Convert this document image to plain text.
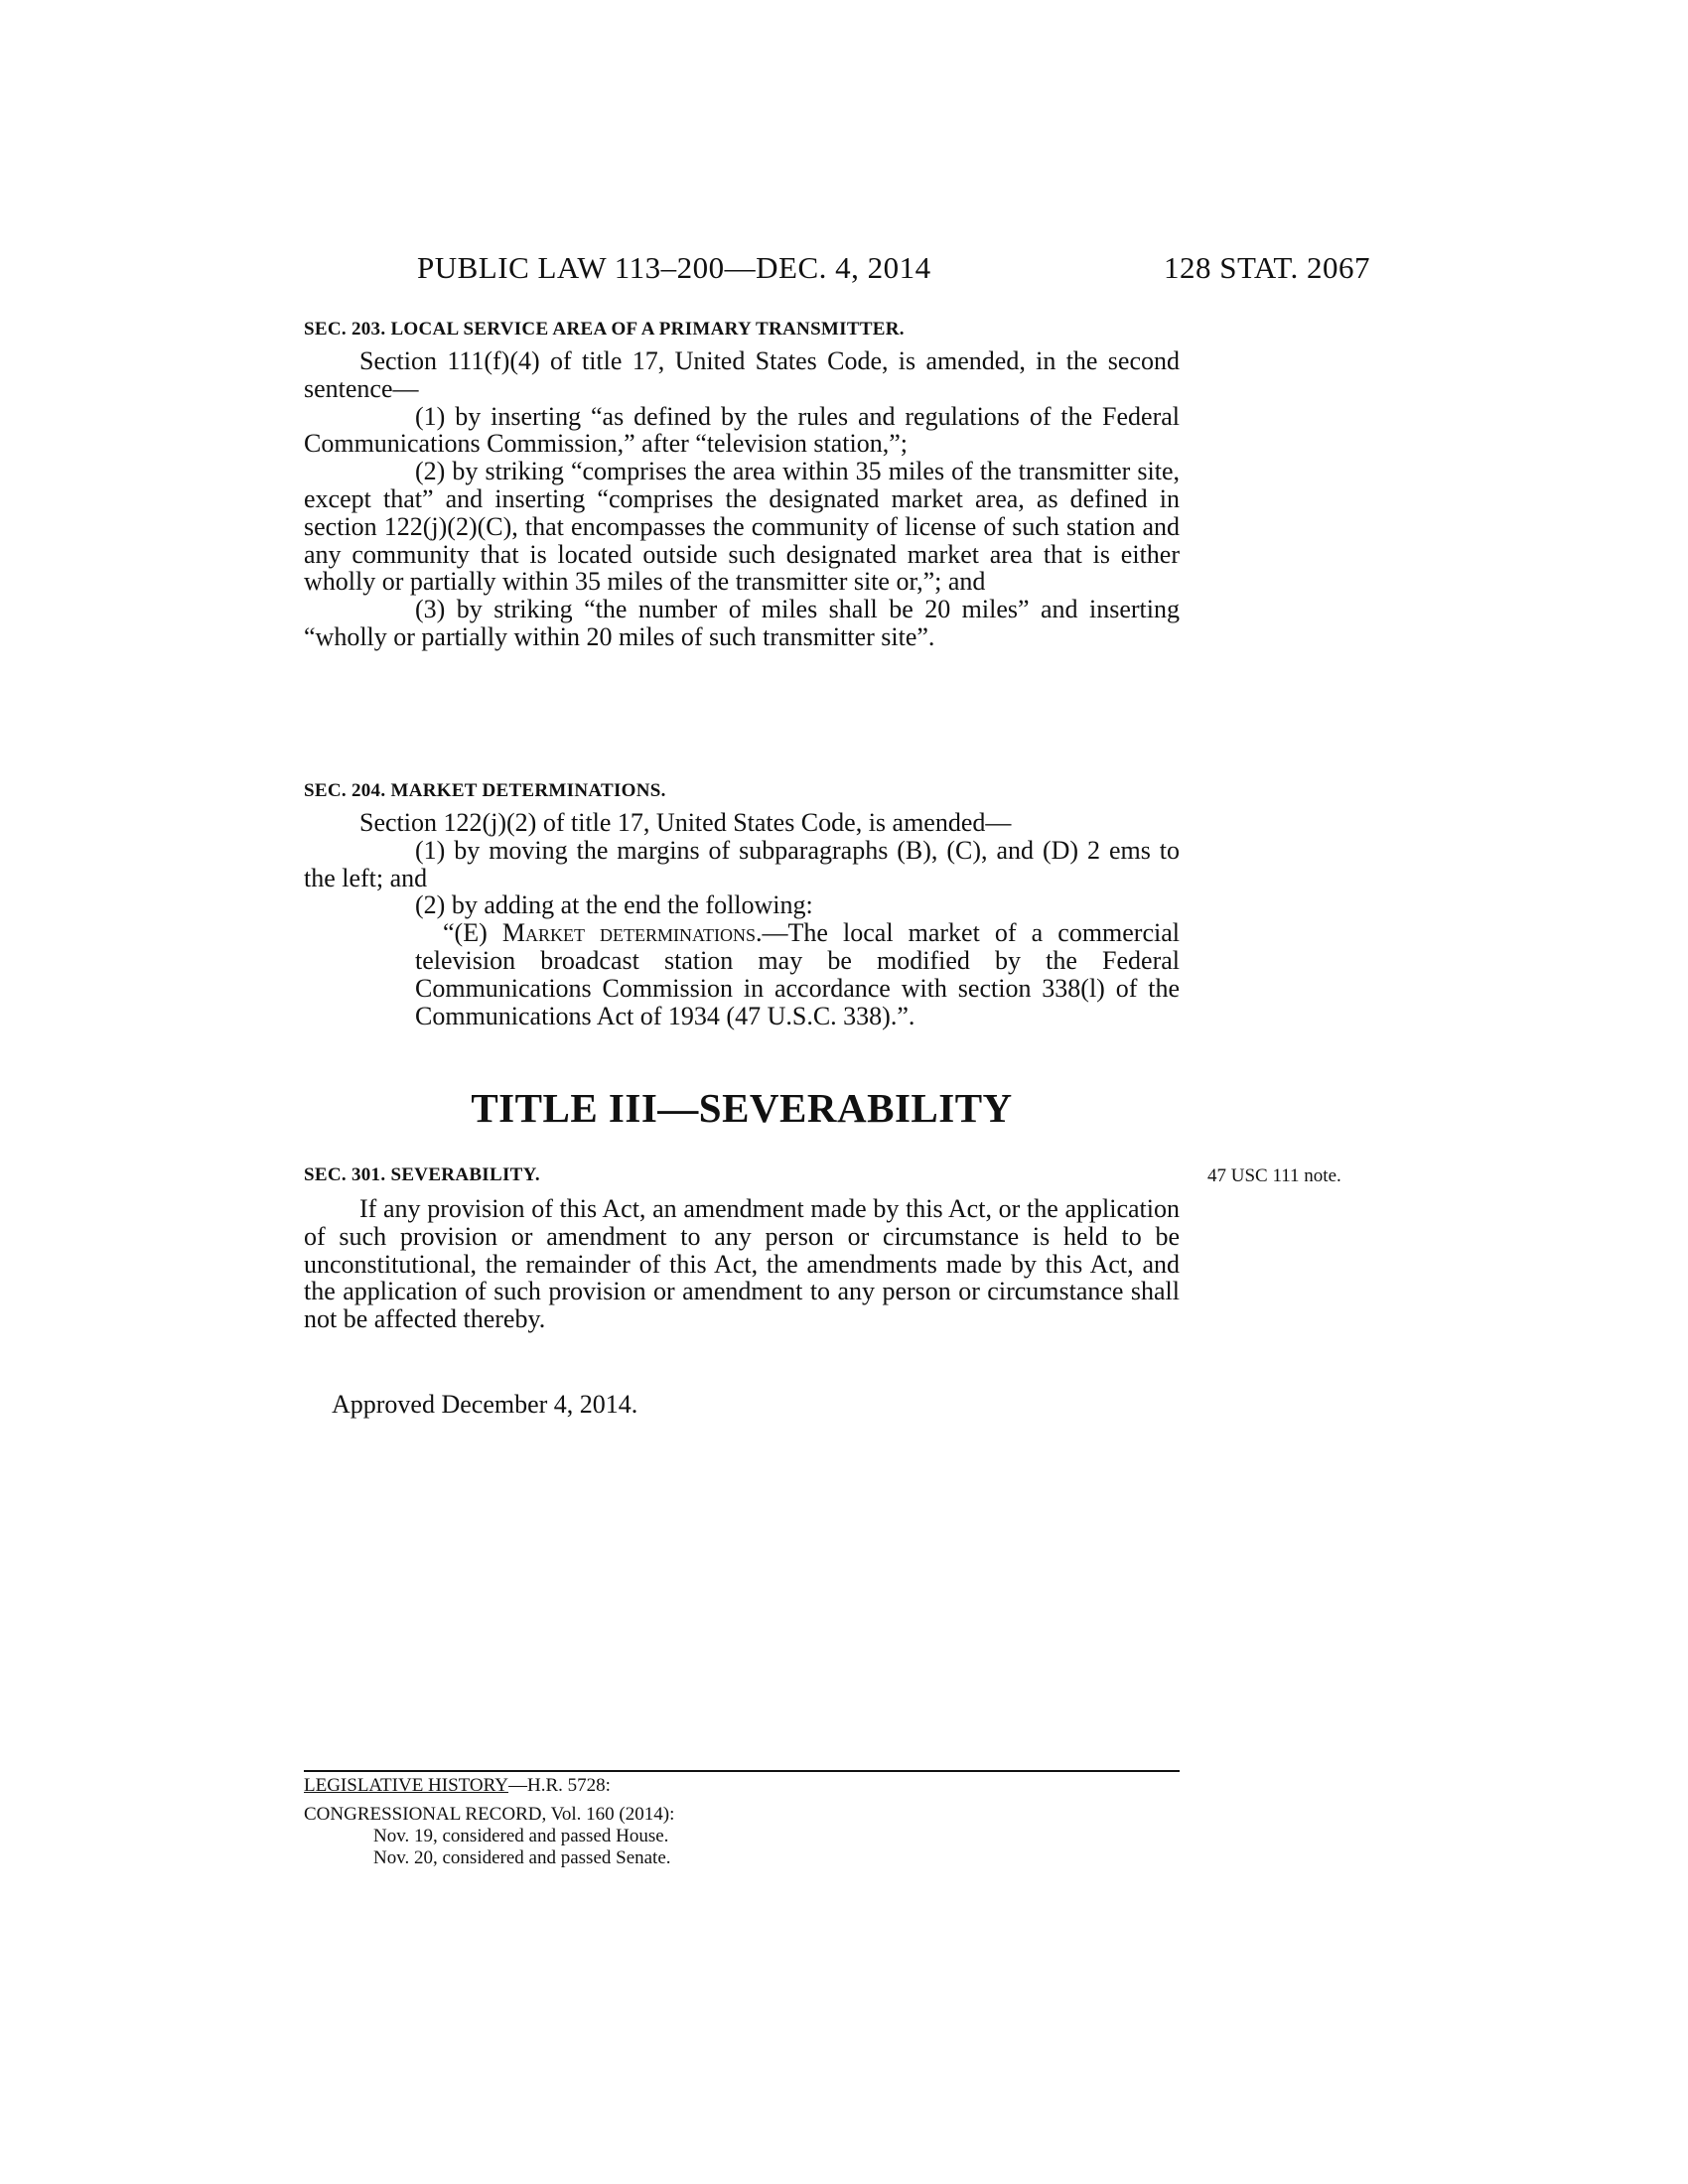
PUBLIC LAW 113–200—DEC. 4, 2014	128 STAT. 2067
SEC. 203. LOCAL SERVICE AREA OF A PRIMARY TRANSMITTER.

Section 111(f)(4) of title 17, United States Code, is amended, in the second sentence—

(1) by inserting “as defined by the rules and regulations of the Federal Communications Commission,” after “television station,”;

(2) by striking “comprises the area within 35 miles of the transmitter site, except that” and inserting “comprises the designated market area, as defined in section 122(j)(2)(C), that encompasses the community of license of such station and any community that is located outside such designated market area that is either wholly or partially within 35 miles of the transmitter site or,”; and

(3) by striking “the number of miles shall be 20 miles” and inserting “wholly or partially within 20 miles of such transmitter site”.

SEC. 204. MARKET DETERMINATIONS.

Section 122(j)(2) of title 17, United States Code, is amended—

(1) by moving the margins of subparagraphs (B), (C), and (D) 2 ems to the left; and

(2) by adding at the end the following:

“(E) Market determinations.—The local market of a commercial television broadcast station may be modified by the Federal Communications Commission in accordance with section 338(l) of the Communications Act of 1934 (47 U.S.C. 338).”.

TITLE III—SEVERABILITY
SEC. 301. SEVERABILITY.

If any provision of this Act, an amendment made by this Act, or the application of such provision or amendment to any person or circumstance is held to be unconstitutional, the remainder of this Act, the amendments made by this Act, and the application of such provision or amendment to any person or circumstance shall not be affected thereby.

47 USC 111 note.

Approved December 4, 2014.

LEGISLATIVE HISTORY—H.R. 5728:
CONGRESSIONAL RECORD, Vol. 160 (2014):
Nov. 19, considered and passed House.
Nov. 20, considered and passed Senate.
